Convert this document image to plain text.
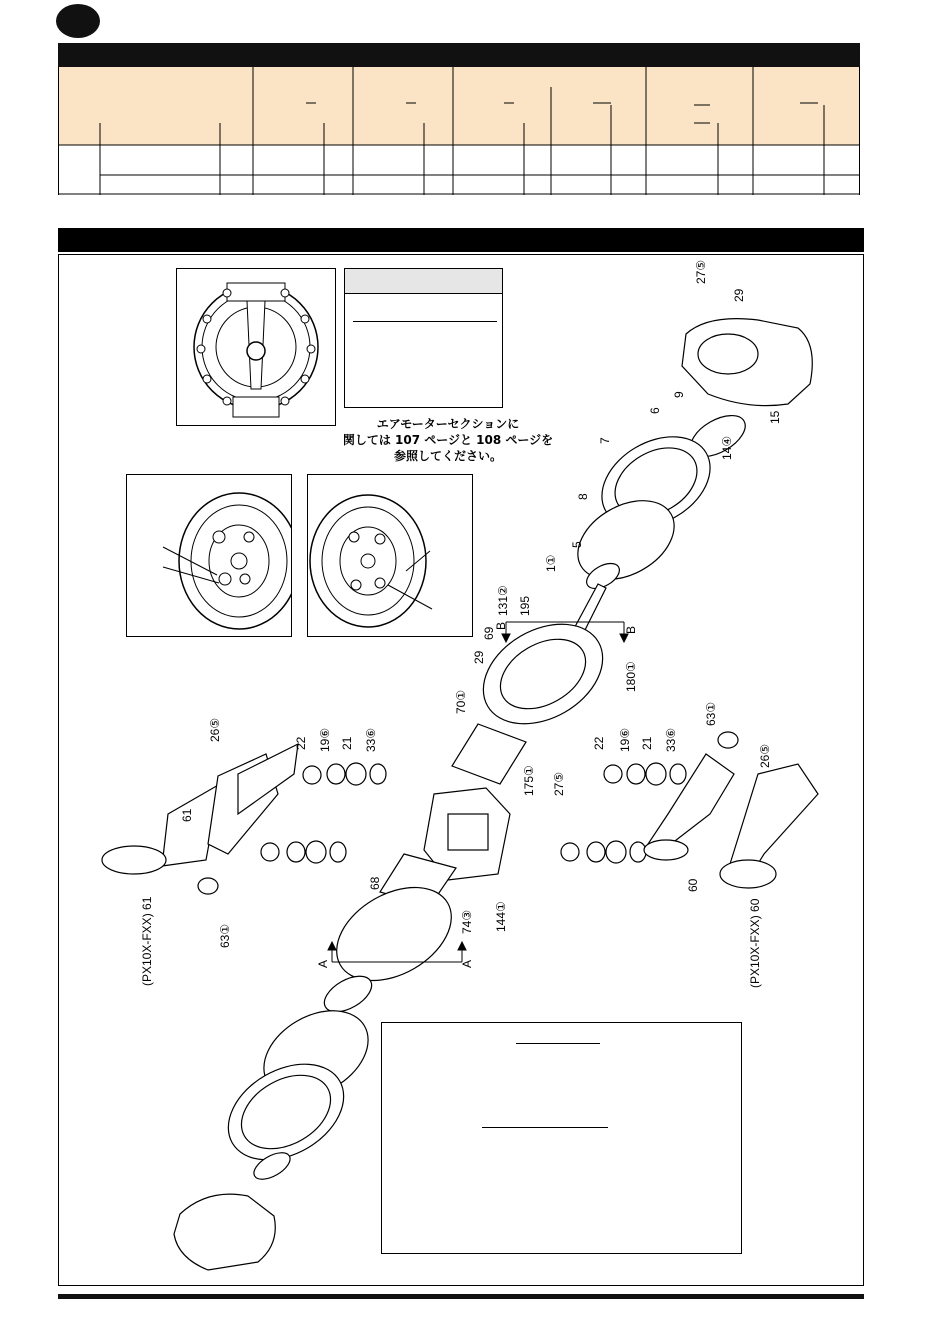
エアモーターセクションに
関しては 107 ページと 108 ページを
参照してください。
27⑤
29
15
14④
9
6
7
8
5
1①
195
131②
B
69
29
B
180①
70①
175① 27⑤
26⑤
22 19⑥ 21 33⑥
61
(PX10X-FXX) 61	63①
68
74③ 144①
A	A
22 19⑥ 21 33⑥
63①
26⑤
60
(PX10X-FXX) 60
